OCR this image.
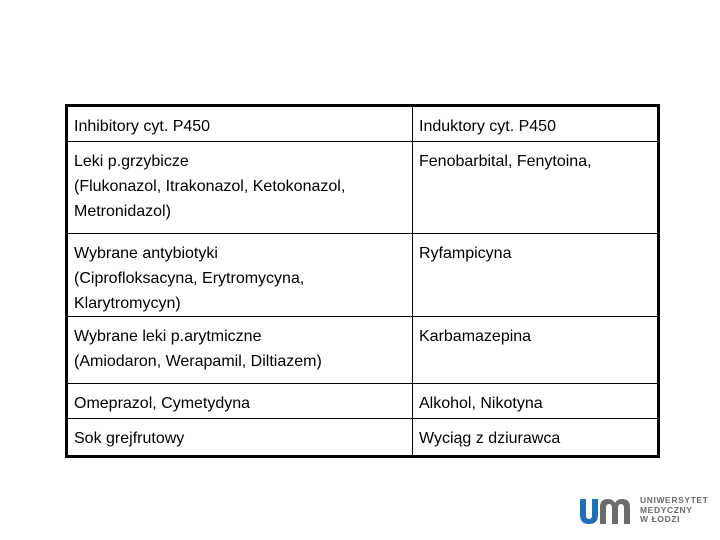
Inhibitory cyt. P450	Induktory cyt. P450

Leki p.grzybicze
(Flukonazol, Itrakonazol, Ketokonazol,
Metronidazol)	Fenobarbital, Fenytoina,

Wybrane antybiotyki
(Ciprofloksacyna, Erytromycyna,
Klarytromycyn)	Ryfampicyna

Wybrane leki p.arytmiczne
(Amiodaron, Werapamil, Diltiazem)	Karbamazepina

Omeprazol, Cymetydyna	Alkohol, Nikotyna

Sok grejfrutowy	Wyciąg z dziurawca
UNIWERSYTET
MEDYCZNY
W ŁODZI
